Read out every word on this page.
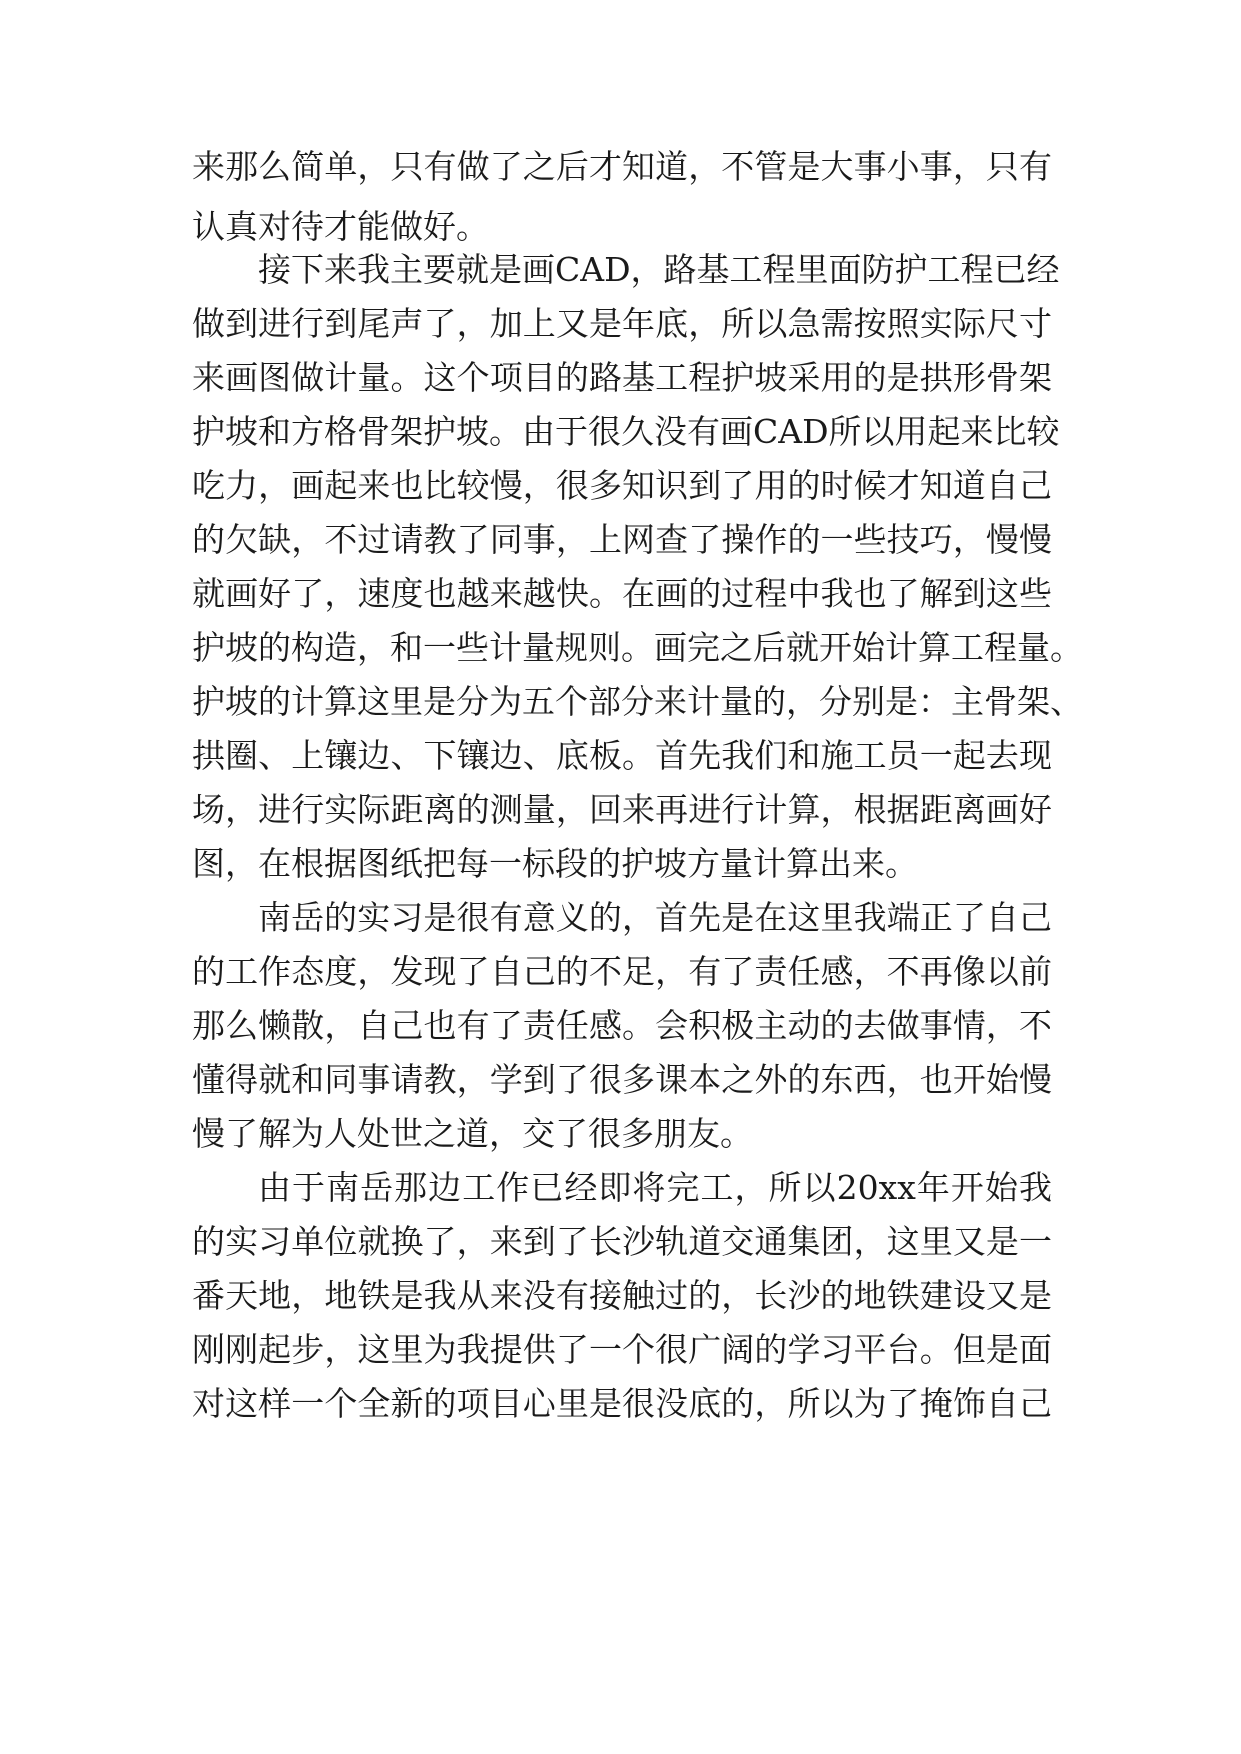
来那么简单，只有做了之后才知道，不管是大事小事，只有
认真对待才能做好。
接下来我主要就是画CAD，路基工程里面防护工程已经
做到进行到尾声了，加上又是年底，所以急需按照实际尺寸
来画图做计量。这个项目的路基工程护坡采用的是拱形骨架
护坡和方格骨架护坡。由于很久没有画CAD所以用起来比较
吃力，画起来也比较慢，很多知识到了用的时候才知道自己
的欠缺，不过请教了同事，上网查了操作的一些技巧，慢慢
就画好了，速度也越来越快。在画的过程中我也了解到这些
护坡的构造，和一些计量规则。画完之后就开始计算工程量。
护坡的计算这里是分为五个部分来计量的，分别是：主骨架、
拱圈、上镶边、下镶边、底板。首先我们和施工员一起去现
场，进行实际距离的测量，回来再进行计算，根据距离画好
图，在根据图纸把每一标段的护坡方量计算出来。
南岳的实习是很有意义的，首先是在这里我端正了自己
的工作态度，发现了自己的不足，有了责任感，不再像以前
那么懒散，自己也有了责任感。会积极主动的去做事情，不
懂得就和同事请教，学到了很多课本之外的东西，也开始慢
慢了解为人处世之道，交了很多朋友。
由于南岳那边工作已经即将完工，所以20xx年开始我
的实习单位就换了，来到了长沙轨道交通集团，这里又是一
番天地，地铁是我从来没有接触过的，长沙的地铁建设又是
刚刚起步，这里为我提供了一个很广阔的学习平台。但是面
对这样一个全新的项目心里是很没底的，所以为了掩饰自己
